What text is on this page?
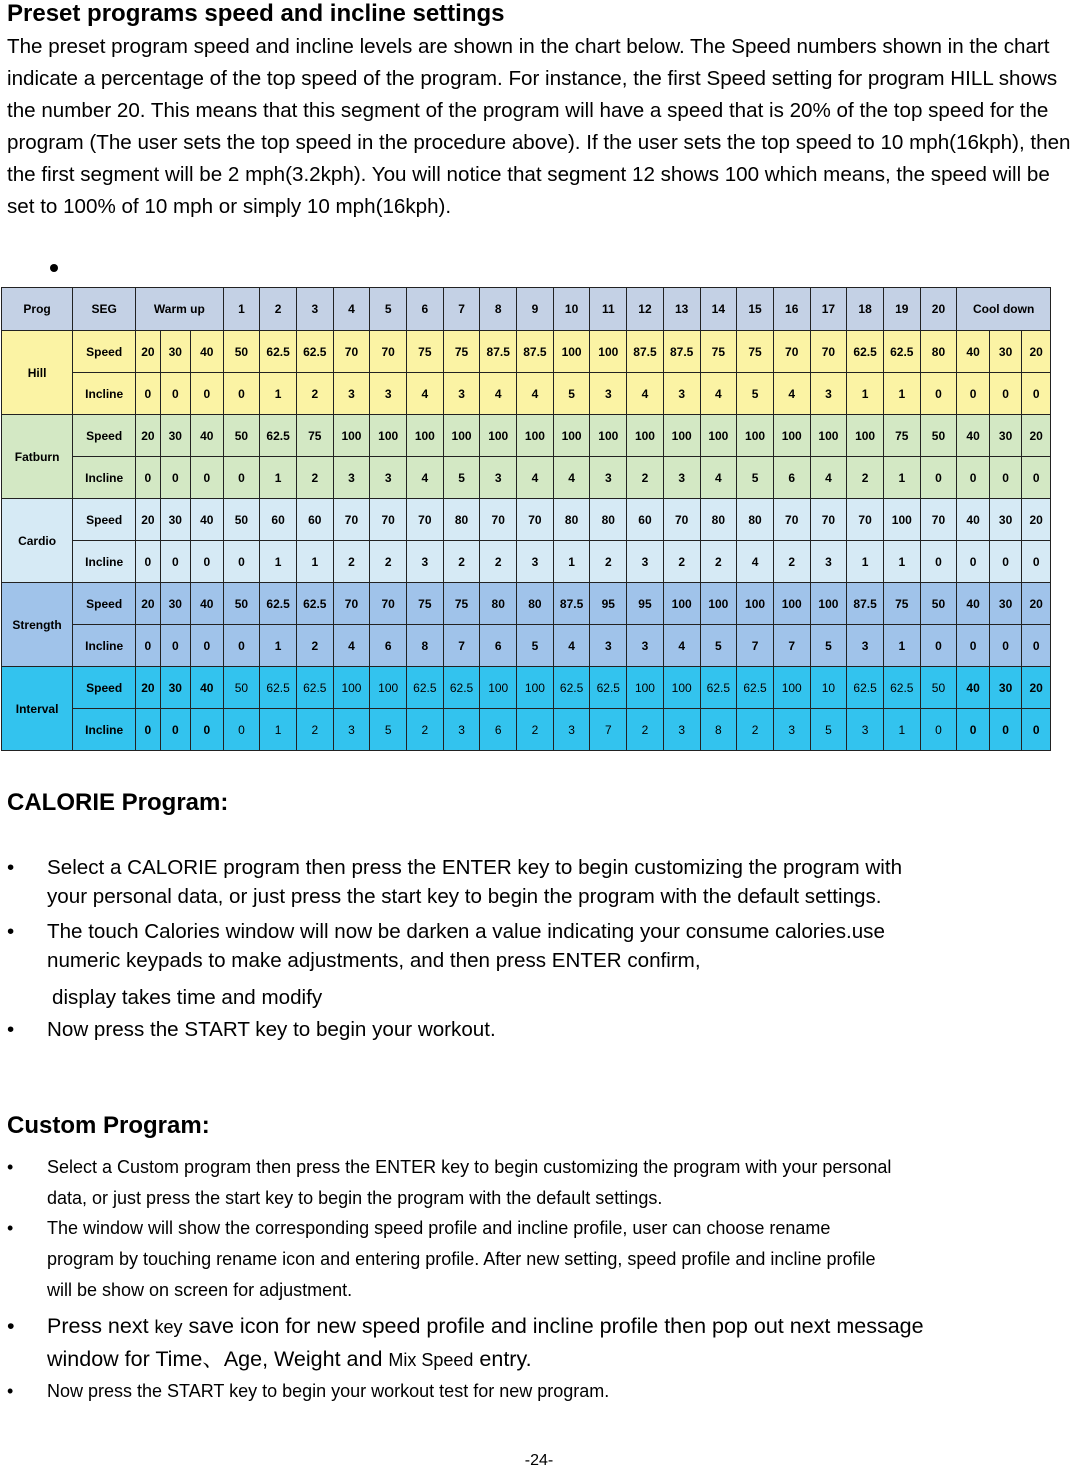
Preset programs speed and incline settings

The preset program speed and incline levels are shown in the chart below. The Speed numbers shown in the chart indicate a percentage of the top speed of the program. For instance, the first Speed setting for program HILL shows the number 20. This means that this segment of the program will have a speed that is 20% of the top speed for the program (The user sets the top speed in the procedure above). If the user sets the top speed to 10 mph(16kph), then the first segment will be 2 mph(3.2kph). You will notice that segment 12 shows 100 which means, the speed will be set to 100% of 10 mph or simply 10 mph(16kph).

Prog	SEG	Warm up			1	2	3	4	5	6	7	8	9	10	11	12	13	14	15	16	17	18	19	20	Cool down		
Hill	Speed	20	30	40	50	62.5	62.5	70	70	75	75	87.5	87.5	100	100	87.5	87.5	75	75	70	70	62.5	62.5	80	40	30	20
	Incline	0	0	0	0	1	2	3	3	4	3	4	4	5	3	4	3	4	5	4	3	1	1	0	0	0	0
Fatburn	Speed	20	30	40	50	62.5	75	100	100	100	100	100	100	100	100	100	100	100	100	100	100	100	75	50	40	30	20
	Incline	0	0	0	0	1	2	3	3	4	5	3	4	4	3	2	3	4	5	6	4	2	1	0	0	0	0
Cardio	Speed	20	30	40	50	60	60	70	70	70	80	70	70	80	80	60	70	80	80	70	70	70	100	70	40	30	20
	Incline	0	0	0	0	1	1	2	2	3	2	2	3	1	2	3	2	2	4	2	3	1	1	0	0	0	0
Strength	Speed	20	30	40	50	62.5	62.5	70	70	75	75	80	80	87.5	95	95	100	100	100	100	100	87.5	75	50	40	30	20
	Incline	0	0	0	0	1	2	4	6	8	7	6	5	4	3	3	4	5	7	7	5	3	1	0	0	0	0
Interval	Speed	20	30	40	50	62.5	62.5	100	100	62.5	62.5	100	100	62.5	62.5	100	100	62.5	62.5	100	10	62.5	62.5	50	40	30	20
	Incline	0	0	0	0	1	2	3	5	2	3	6	2	3	7	2	3	8	2	3	5	3	1	0	0	0	0
CALORIE Program:
• Select a CALORIE program then press the ENTER key to begin customizing the program with
your personal data, or just press the start key to begin the program with the default settings.
• The touch Calories window will now be darken a value indicating your consume calories.use
numeric keypads to make adjustments, and then press ENTER confirm,
display takes time and modify
• Now press the START key to begin your workout.
Custom Program:
• Select a Custom program then press the ENTER key to begin customizing the program with your personal
data, or just press the start key to begin the program with the default settings.
• The window will show the corresponding speed profile and incline profile, user can choose rename
program by touching rename icon and entering profile. After new setting, speed profile and incline profile
will be show on screen for adjustment.
• Press next key save icon for new speed profile and incline profile then pop out next message
window for Time、Age, Weight and Mix Speed entry.
• Now press the START key to begin your workout test for new program.

-24-
